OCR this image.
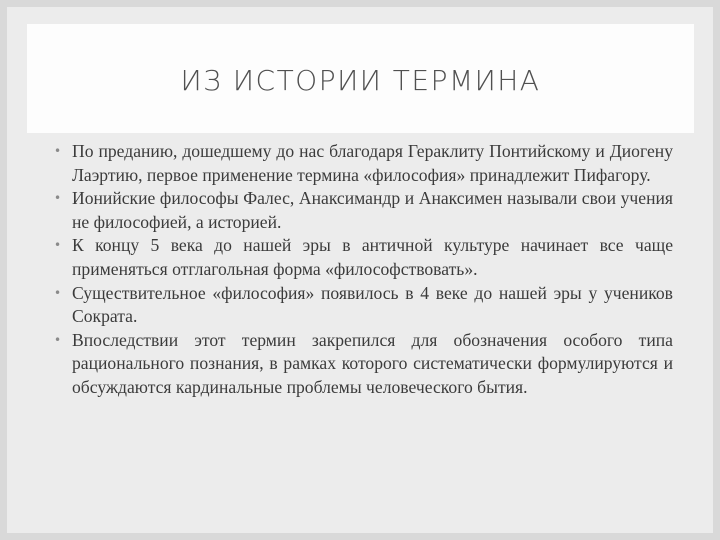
ИЗ ИСТОРИИ ТЕРМИНА
• По преданию, дошедшему до нас благодаря Гераклиту Понтийскому и Диогену Лаэртию, первое применение термина «философия» принадлежит Пифагору.
• Ионийские философы Фалес, Анаксимандр и Анаксимен называли свои учения не философией, а историей.
• К концу 5 века до нашей эры в античной культуре начинает все чаще применяться отглагольная форма «философствовать».
• Существительное «философия» появилось в 4 веке до нашей эры у учеников Сократа.
• Впоследствии этот термин закрепился для обозначения особого типа рационального познания, в рамках которого систематически формулируются и обсуждаются кардинальные проблемы человеческого бытия.
